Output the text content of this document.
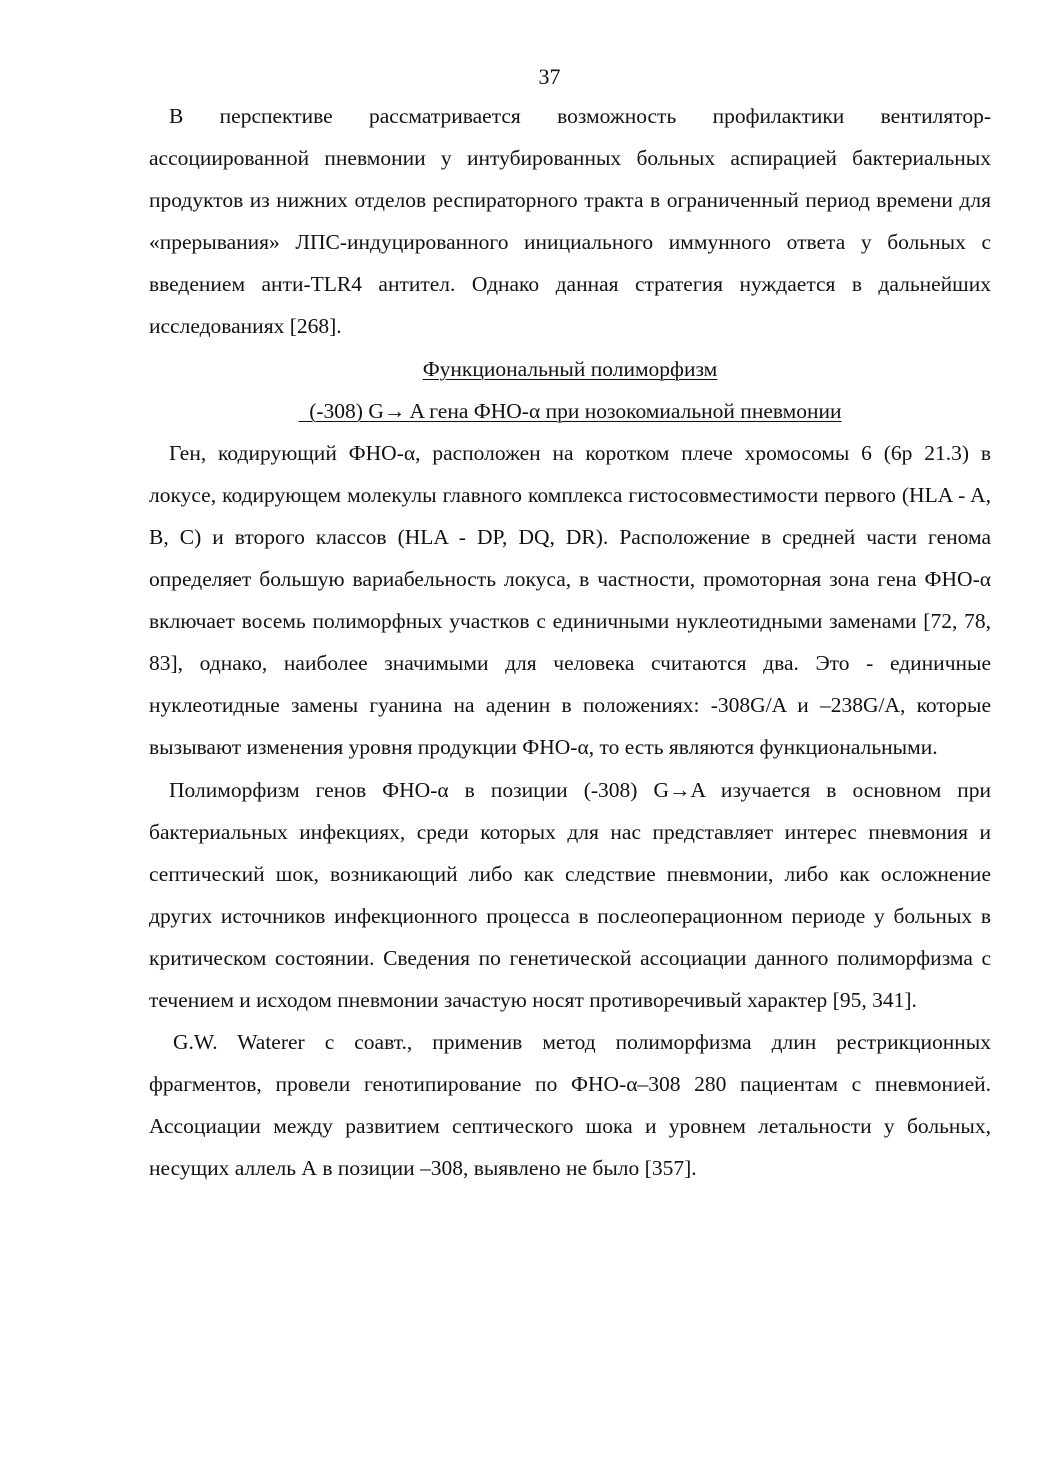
37

В перспективе рассматривается возможность профилактики вентилятор-ассоциированной пневмонии у интубированных больных аспирацией бактериальных продуктов из нижних отделов респираторного тракта в ограниченный период времени для «прерывания» ЛПС-индуцированного инициального иммунного ответа у больных с введением анти-TLR4 антител. Однако данная стратегия нуждается в дальнейших исследованиях [268].

Функциональный полиморфизм

(-308) G→ A гена ФНО-α при нозокомиальной пневмонии

Ген, кодирующий ФНО-α, расположен на коротком плече хромосомы 6 (6р 21.3) в локусе, кодирующем молекулы главного комплекса гистосовместимости первого (HLA - A, B, C) и второго классов (HLA - DP, DQ, DR). Расположение в средней части генома определяет большую вариабельность локуса, в частности, промоторная зона гена ФНО-α включает восемь полиморфных участков с единичными нуклеотидными заменами [72, 78, 83], однако, наиболее значимыми для человека считаются два. Это - единичные нуклеотидные замены гуанина на аденин в положениях: -308G/A и –238G/A, которые вызывают изменения уровня продукции ФНО-α, то есть являются функциональными.

Полиморфизм генов ФНО-α в позиции (-308) G→A изучается в основном при бактериальных инфекциях, среди которых для нас представляет интерес пневмония и септический шок, возникающий либо как следствие пневмонии, либо как осложнение других источников инфекционного процесса в послеоперационном периоде у больных в критическом состоянии. Сведения по генетической ассоциации данного полиморфизма с течением и исходом пневмонии зачастую носят противоречивый характер [95, 341].

G.W. Waterer с соавт., применив метод полиморфизма длин рестрикционных фрагментов, провели генотипирование по ФНО-α–308 280 пациентам с пневмонией. Ассоциации между развитием септического шока и уровнем летальности у больных, несущих аллель А в позиции –308, выявлено не было [357].
